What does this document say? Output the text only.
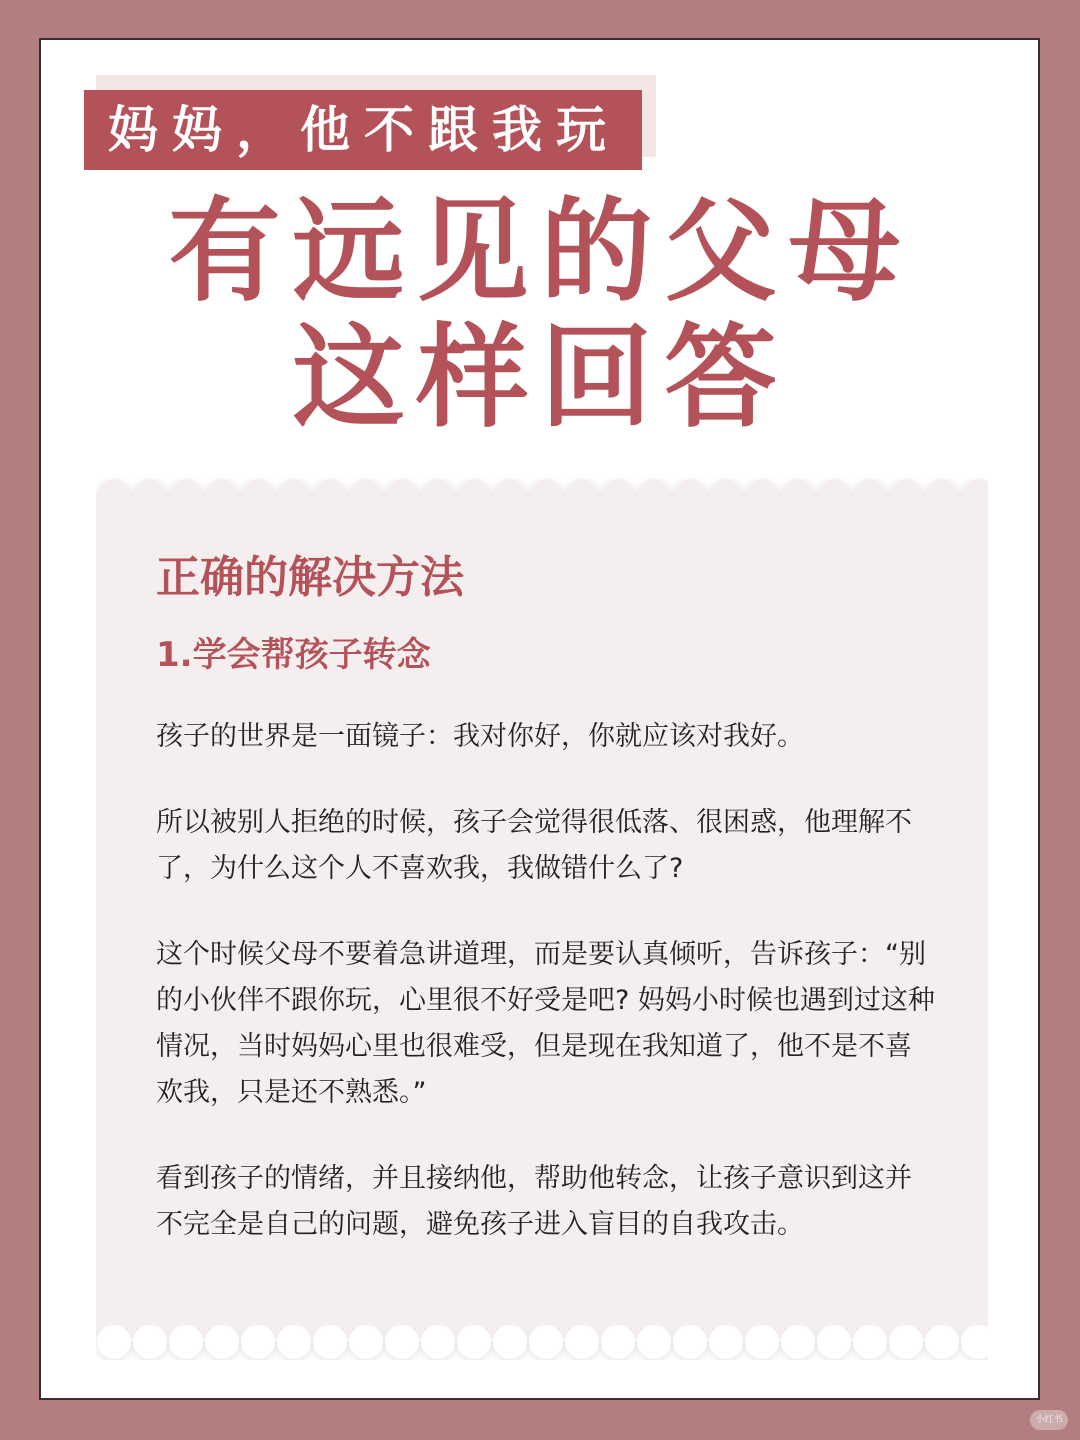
妈妈，他不跟我玩
有远见的父母
这样回答
正确的解决方法
1.学会帮孩子转念
孩子的世界是一面镜子：我对你好，你就应该对我好。
所以被别人拒绝的时候，孩子会觉得很低落、很困惑，他理解不了，为什么这个人不喜欢我，我做错什么了?
这个时候父母不要着急讲道理，而是要认真倾听，告诉孩子：“别的小伙伴不跟你玩，心里很不好受是吧? 妈妈小时候也遇到过这种情况，当时妈妈心里也很难受，但是现在我知道了，他不是不喜欢我，只是还不熟悉。”
看到孩子的情绪，并且接纳他，帮助他转念，让孩子意识到这并不完全是自己的问题，避免孩子进入盲目的自我攻击。
小红书
